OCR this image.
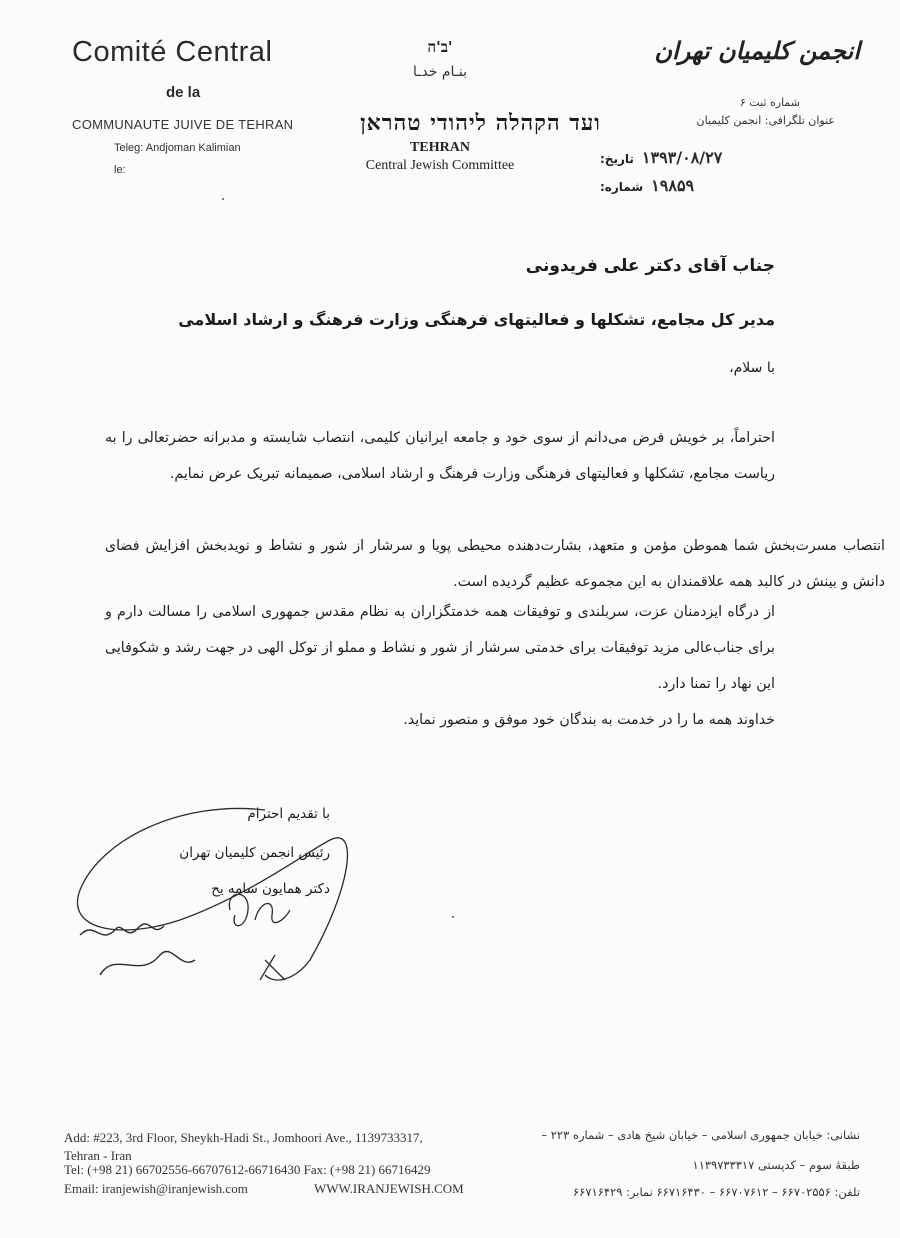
Comité Central
de la
COMMUNAUTE JUIVE DE TEHRAN
Teleg: Andjoman Kalimian
le:
ב'ה'
بنـام خدـا
ועד הקהלה ליהודי טהראן
TEHRAN
Central Jewish Committee
انجمن کلیمیان تهران
شماره ثبت ۶
عنوان تلگرافی: انجمن کلیمیان
تاریخ: ۱۳۹۳/۰۸/۲۷
شماره: ۱۹۸۵۹
جناب آقای دکتر علی فریدونی
مدیر کل مجامع، تشکلها و فعالیتهای فرهنگی وزارت فرهنگ و ارشاد اسلامی
با سلام،
احتراماً، بر خویش فرض می‌دانم از سوی خود و جامعه ایرانیان کلیمی، انتصاب شایسته و مدبرانه حضرتعالی را به ریاست مجامع، تشکلها و فعالیتهای فرهنگی وزارت فرهنگ و ارشاد اسلامی، صمیمانه تبریک عرض نمایم.
انتصاب مسرت‌بخش شما هموطن مؤمن و متعهد، بشارت‌دهنده محیطی پویا و سرشار از شور و نشاط و نویدبخش افزایش فضای دانش و بینش در کالبد همه علاقمندان به این مجموعه عظیم گردیده است.
از درگاه ایزدمنان عزت، سربلندی و توفیقات همه خدمتگزاران به نظام مقدس جمهوری اسلامی را مسالت دارم و برای جناب‌عالی مزید توفیقات برای خدمتی سرشار از شور و نشاط و مملو از توکل الهی در جهت رشد و شکوفایی این نهاد را تمنا دارد.
خداوند همه ما را در خدمت به بندگان خود موفق و منصور نماید.
با تقدیم احترام
رئیس انجمن کلیمیان تهران
دکتر همایون سامه یح
Add: #223, 3rd Floor, Sheykh-Hadi St., Jomhoori Ave., 1139733317,
Tehran - Iran
Tel: (+98 21) 66702556-66707612-66716430 Fax: (+98 21) 66716429
Email: iranjewish@iranjewish.com	WWW.IRANJEWISH.COM
نشانی: خیابان جمهوری اسلامی – خیابان شیخ هادی – شماره ۲۲۳ –
طبقهٔ سوم – کدپستی ۱۱۳۹۷۳۳۳۱۷
تلفن: ۶۶۷۰۲۵۵۶ – ۶۶۷۰۷۶۱۲ – ۶۶۷۱۶۴۳۰ نمابر: ۶۶۷۱۶۴۲۹
